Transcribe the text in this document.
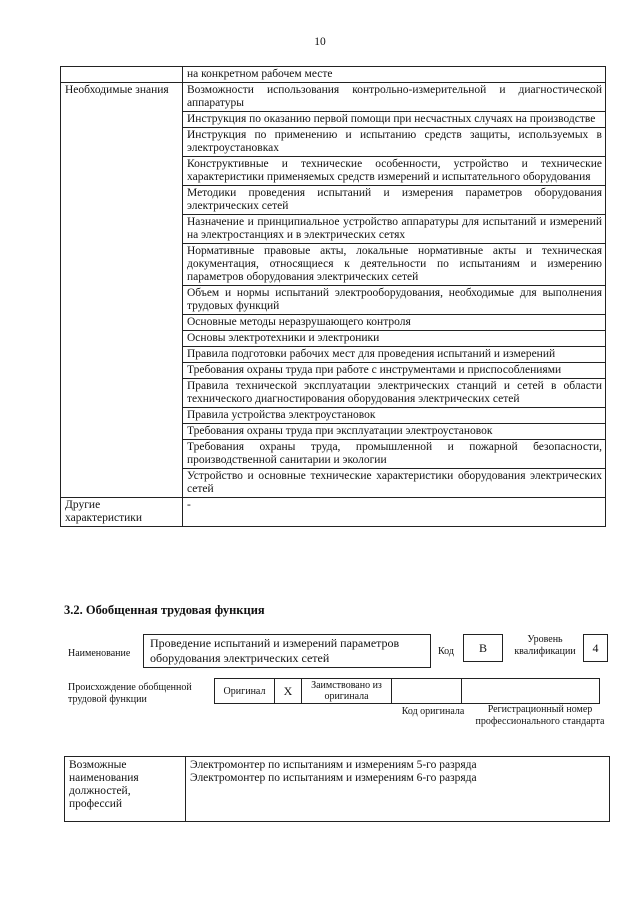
10
	на конкретном рабочем месте
Необходимые знания	Возможности использования контрольно-измерительной и диагностической аппаратуры
	Инструкция по оказанию первой помощи при несчастных случаях на производстве
	Инструкция по применению и испытанию средств защиты, используемых в электроустановках
	Конструктивные и технические особенности, устройство и технические характеристики применяемых средств измерений и испытательного оборудования
	Методики проведения испытаний и измерения параметров оборудования электрических сетей
	Назначение и принципиальное устройство аппаратуры для испытаний и измерений на электростанциях и в электрических сетях
	Нормативные правовые акты, локальные нормативные акты и техническая документация, относящиеся к деятельности по испытаниям и измерению параметров оборудования электрических сетей
	Объем и нормы испытаний электрооборудования, необходимые для выполнения трудовых функций
	Основные методы неразрушающего контроля
	Основы электротехники и электроники
	Правила подготовки рабочих мест для проведения испытаний и измерений
	Требования охраны труда при работе с инструментами и приспособлениями
	Правила технической эксплуатации электрических станций и сетей в области технического диагностирования оборудования электрических сетей
	Правила устройства электроустановок
	Требования охраны труда при эксплуатации электроустановок
	Требования охраны труда, промышленной и пожарной безопасности, производственной санитарии и экологии
	Устройство и основные технические характеристики оборудования электрических сетей
Другие характеристики	-
3.2. Обобщенная трудовая функция
Наименование
Проведение испытаний и измерений параметров оборудования электрических сетей	Код	В
Уровень квалификации	4
Происхождение обобщенной трудовой функции
Оригинал	X	Заимствовано из оригинала		
Код оригинала	Регистрационный номер профессионального стандарта
Возможные наименования должностей, профессий	
Электромонтер по испытаниям и измерениям 5-го разряда
Электромонтер по испытаниям и измерениям 6-го разряда
